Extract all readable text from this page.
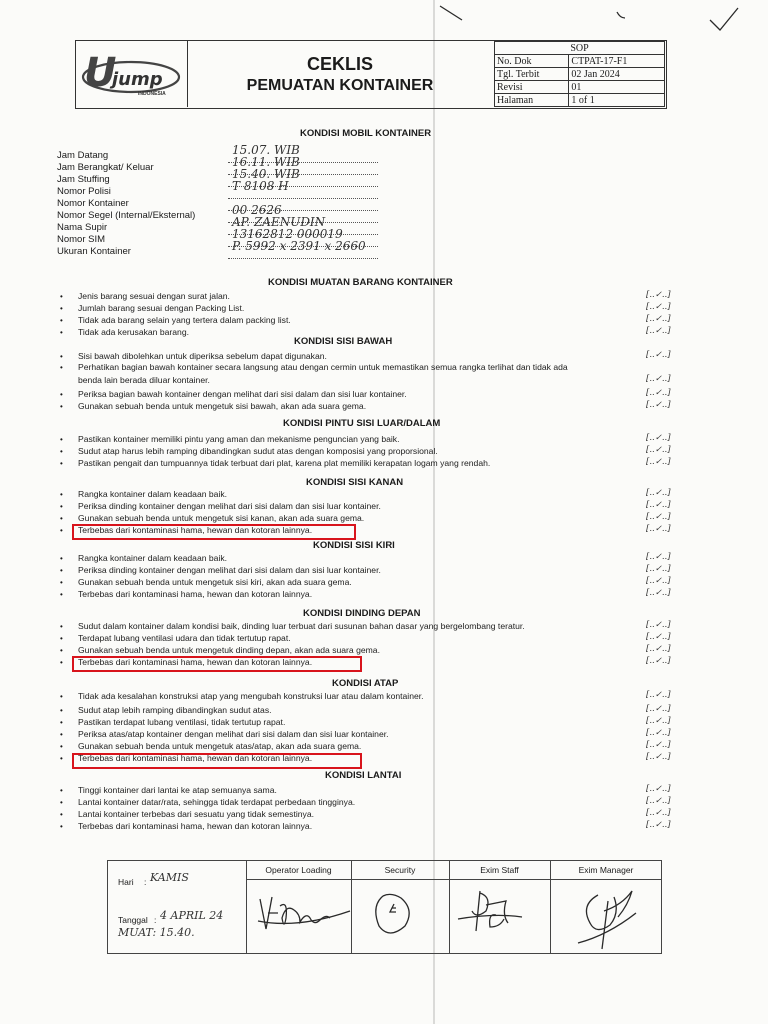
U
jump
INDONESIA
CEKLIS
PEMUATAN KONTAINER
SOP	
No. Dok	CTPAT-17-F1
Tgl. Terbit	02 Jan 2024
Revisi	01
Halaman	1 of 1
KONDISI MOBIL KONTAINER
Jam Datang	15.07. WIB
Jam Berangkat/ Keluar	16.11. WIB
Jam Stuffing	15.40. WIB
Nomor Polisi	T 8108 H
Nomor Kontainer
Nomor Segel (Internal/Eksternal)	00 2626
Nama Supir	AP. ZAENUDIN
Nomor SIM	13162812 000019
Ukuran Kontainer	P. 5992 x 2391 x 2660
KONDISI MUATAN BARANG KONTAINER
• Jenis barang sesuai dengan surat jalan.	[..✓..]
• Jumlah barang sesuai dengan Packing List.	[..✓..]
• Tidak ada barang selain yang tertera dalam packing list.	[..✓..]
• Tidak ada kerusakan barang.	[..✓..]
KONDISI SISI BAWAH
• Sisi bawah dibolehkan untuk diperiksa sebelum dapat digunakan.	[..✓..]
• Perhatikan bagian bawah kontainer secara langsung atau dengan cermin untuk memastikan semua rangka terlihat dan tidak ada
benda lain berada diluar kontainer.	[..✓..]
• Periksa bagian bawah kontainer dengan melihat dari sisi dalam dan sisi luar kontainer.	[..✓..]
• Gunakan sebuah benda untuk mengetuk sisi bawah, akan ada suara gema.	[..✓..]
KONDISI PINTU SISI LUAR/DALAM
• Pastikan kontainer memiliki pintu yang aman dan mekanisme penguncian yang baik.	[..✓..]
• Sudut atap harus lebih ramping dibandingkan sudut atas dengan komposisi yang proporsional.	[..✓..]
• Pastikan pengait dan tumpuannya tidak terbuat dari plat, karena plat memiliki kerapatan logam yang rendah.	[..✓..]
KONDISI SISI KANAN
• Rangka kontainer dalam keadaan baik.	[..✓..]
• Periksa dinding kontainer dengan melihat dari sisi dalam dan sisi luar kontainer.	[..✓..]
• Gunakan sebuah benda untuk mengetuk sisi kanan, akan ada suara gema.	[..✓..]
• Terbebas dari kontaminasi hama, hewan dan kotoran lainnya.	[..✓..]
KONDISI SISI KIRI
• Rangka kontainer dalam keadaan baik.	[..✓..]
• Periksa dinding kontainer dengan melihat dari sisi dalam dan sisi luar kontainer.	[..✓..]
• Gunakan sebuah benda untuk mengetuk sisi kiri, akan ada suara gema.	[..✓..]
• Terbebas dari kontaminasi hama, hewan dan kotoran lainnya.	[..✓..]
KONDISI DINDING DEPAN
• Sudut dalam kontainer dalam kondisi baik, dinding luar terbuat dari susunan bahan dasar yang bergelombang teratur.	[..✓..]
• Terdapat lubang ventilasi udara dan tidak tertutup rapat.	[..✓..]
• Gunakan sebuah benda untuk mengetuk dinding depan, akan ada suara gema.	[..✓..]
• Terbebas dari kontaminasi hama, hewan dan kotoran lainnya.	[..✓..]
KONDISI ATAP
• Tidak ada kesalahan konstruksi atap yang mengubah konstruksi luar atau dalam kontainer.	[..✓..]
• Sudut atap lebih ramping dibandingkan sudut atas.	[..✓..]
• Pastikan terdapat lubang ventilasi, tidak tertutup rapat.	[..✓..]
• Periksa atas/atap kontainer dengan melihat dari sisi dalam dan sisi luar kontainer.	[..✓..]
• Gunakan sebuah benda untuk mengetuk atas/atap, akan ada suara gema.	[..✓..]
• Terbebas dari kontaminasi hama, hewan dan kotoran lainnya.	[..✓..]
KONDISI LANTAI
• Tinggi kontainer dari lantai ke atap semuanya sama.	[..✓..]
• Lantai kontainer datar/rata, sehingga tidak terdapat perbedaan tingginya.	[..✓..]
• Lantai kontainer terbebas dari sesuatu yang tidak semestinya.	[..✓..]
• Terbebas dari kontaminasi hama, hewan dan kotoran lainnya.	[..✓..]
Operator Loading	Security	Exim Staff	Exim Manager
Hari : KAMIS
Tanggal : 4 APRIL 24
MUAT: 15.40.
